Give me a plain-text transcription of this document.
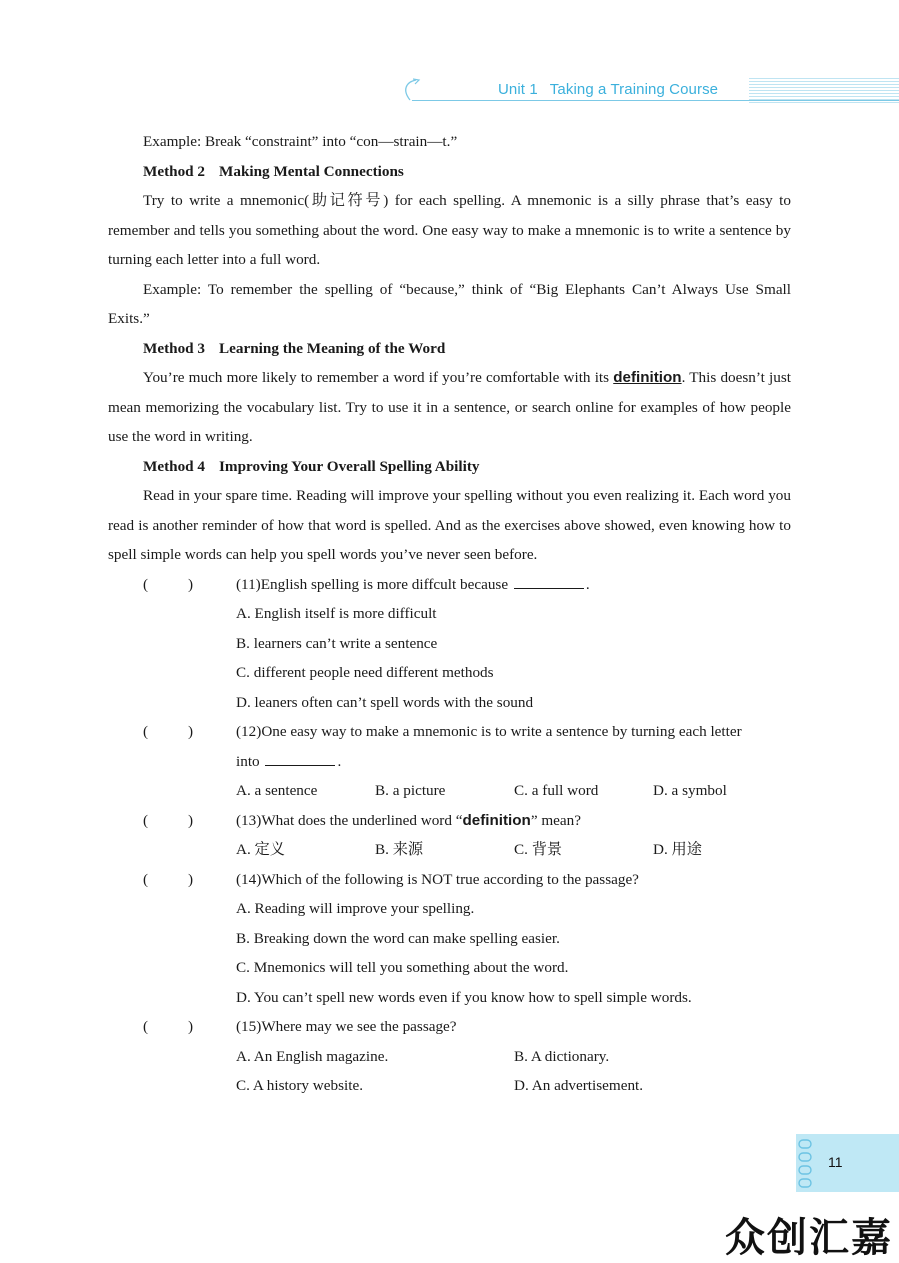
Unit 1 Taking a Training Course

Example: Break “constraint” into “con—strain—t.”

Method 2 Making Mental Connections

Try to write a mnemonic(助记符号) for each spelling. A mnemonic is a silly phrase that’s easy to remember and tells you something about the word. One easy way to make a mnemonic is to write a sentence by turning each letter into a full word.

Example: To remember the spelling of “because,” think of “Big Elephants Can’t Always Use Small Exits.”

Method 3 Learning the Meaning of the Word

You’re much more likely to remember a word if you’re comfortable with its definition. This doesn’t just mean memorizing the vocabulary list. Try to use it in a sentence, or search online for examples of how people use the word in writing.

Method 4 Improving Your Overall Spelling Ability

Read in your spare time. Reading will improve your spelling without you even realizing it. Each word you read is another reminder of how that word is spelled. And as the exercises above showed, even knowing how to spell simple words can help you spell words you’ve never seen before.

(	)	(11)English spelling is more diffcult because	.

A. English itself is more difficult

B. learners can’t write a sentence

C. different people need different methods

D. leaners often can’t spell words with the sound

(	)	(12)One easy way to make a mnemonic is to write a sentence by turning each letter

into	.

A. a sentence	B. a picture	C. a full word	D. a symbol

(	)	(13)What does the underlined word “definition” mean?

A. 定义	B. 来源	C. 背景	D. 用途

(	)	(14)Which of the following is NOT true according to the passage?

A. Reading will improve your spelling.

B. Breaking down the word can make spelling easier.

C. Mnemonics will tell you something about the word.

D. You can’t spell new words even if you know how to spell simple words.

(	)	(15)Where may we see the passage?

A. An English magazine.	B. A dictionary.

C. A history website.	D. An advertisement.

11
众创汇嘉
